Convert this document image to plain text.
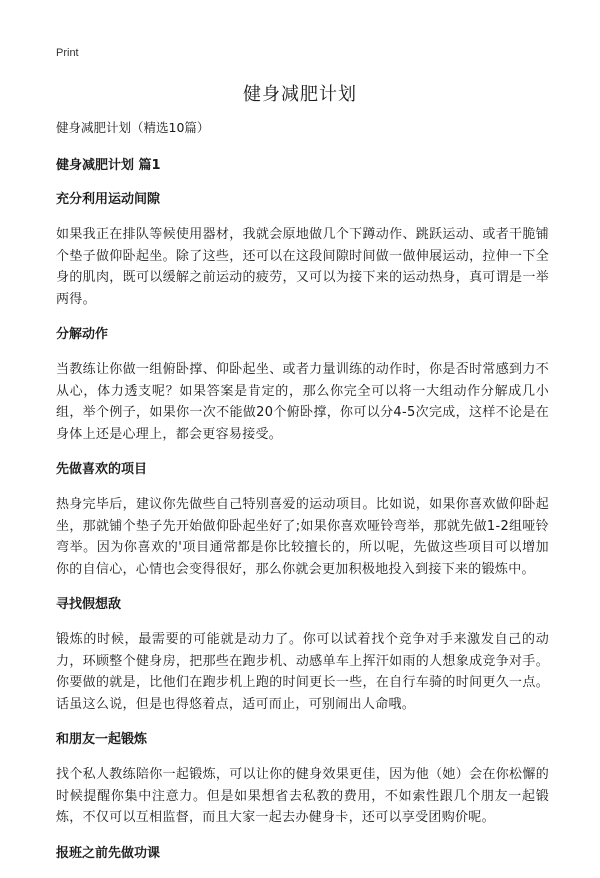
Print
健身减肥计划

健身减肥计划（精选10篇）

健身减肥计划 篇1

充分利用运动间隙

如果我正在排队等候使用器材，我就会原地做几个下蹲动作、跳跃运动、或者干脆铺个垫子做仰卧起坐。除了这些，还可以在这段间隙时间做一做伸展运动，拉伸一下全身的肌肉，既可以缓解之前运动的疲劳，又可以为接下来的运动热身，真可谓是一举两得。

分解动作

当教练让你做一组俯卧撑、仰卧起坐、或者力量训练的动作时，你是否时常感到力不从心，体力透支呢？如果答案是肯定的，那么你完全可以将一大组动作分解成几小组，举个例子，如果你一次不能做20个俯卧撑，你可以分4-5次完成，这样不论是在身体上还是心理上，都会更容易接受。

先做喜欢的项目

热身完毕后，建议你先做些自己特别喜爱的运动项目。比如说，如果你喜欢做仰卧起坐，那就铺个垫子先开始做仰卧起坐好了;如果你喜欢哑铃弯举，那就先做1-2组哑铃弯举。因为你喜欢的'项目通常都是你比较擅长的，所以呢，先做这些项目可以增加你的自信心，心情也会变得很好，那么你就会更加积极地投入到接下来的锻炼中。

寻找假想敌

锻炼的时候，最需要的可能就是动力了。你可以试着找个竞争对手来激发自己的动力，环顾整个健身房，把那些在跑步机、动感单车上挥汗如雨的人想象成竞争对手。你要做的就是，比他们在跑步机上跑的时间更长一些，在自行车骑的时间更久一点。话虽这么说，但是也得悠着点，适可而止，可别闹出人命哦。

和朋友一起锻炼

找个私人教练陪你一起锻炼，可以让你的健身效果更佳，因为他（她）会在你松懈的时候提醒你集中注意力。但是如果想省去私教的费用，不如索性跟几个朋友一起锻炼，不仅可以互相监督，而且大家一起去办健身卡，还可以享受团购价呢。

报班之前先做功课
